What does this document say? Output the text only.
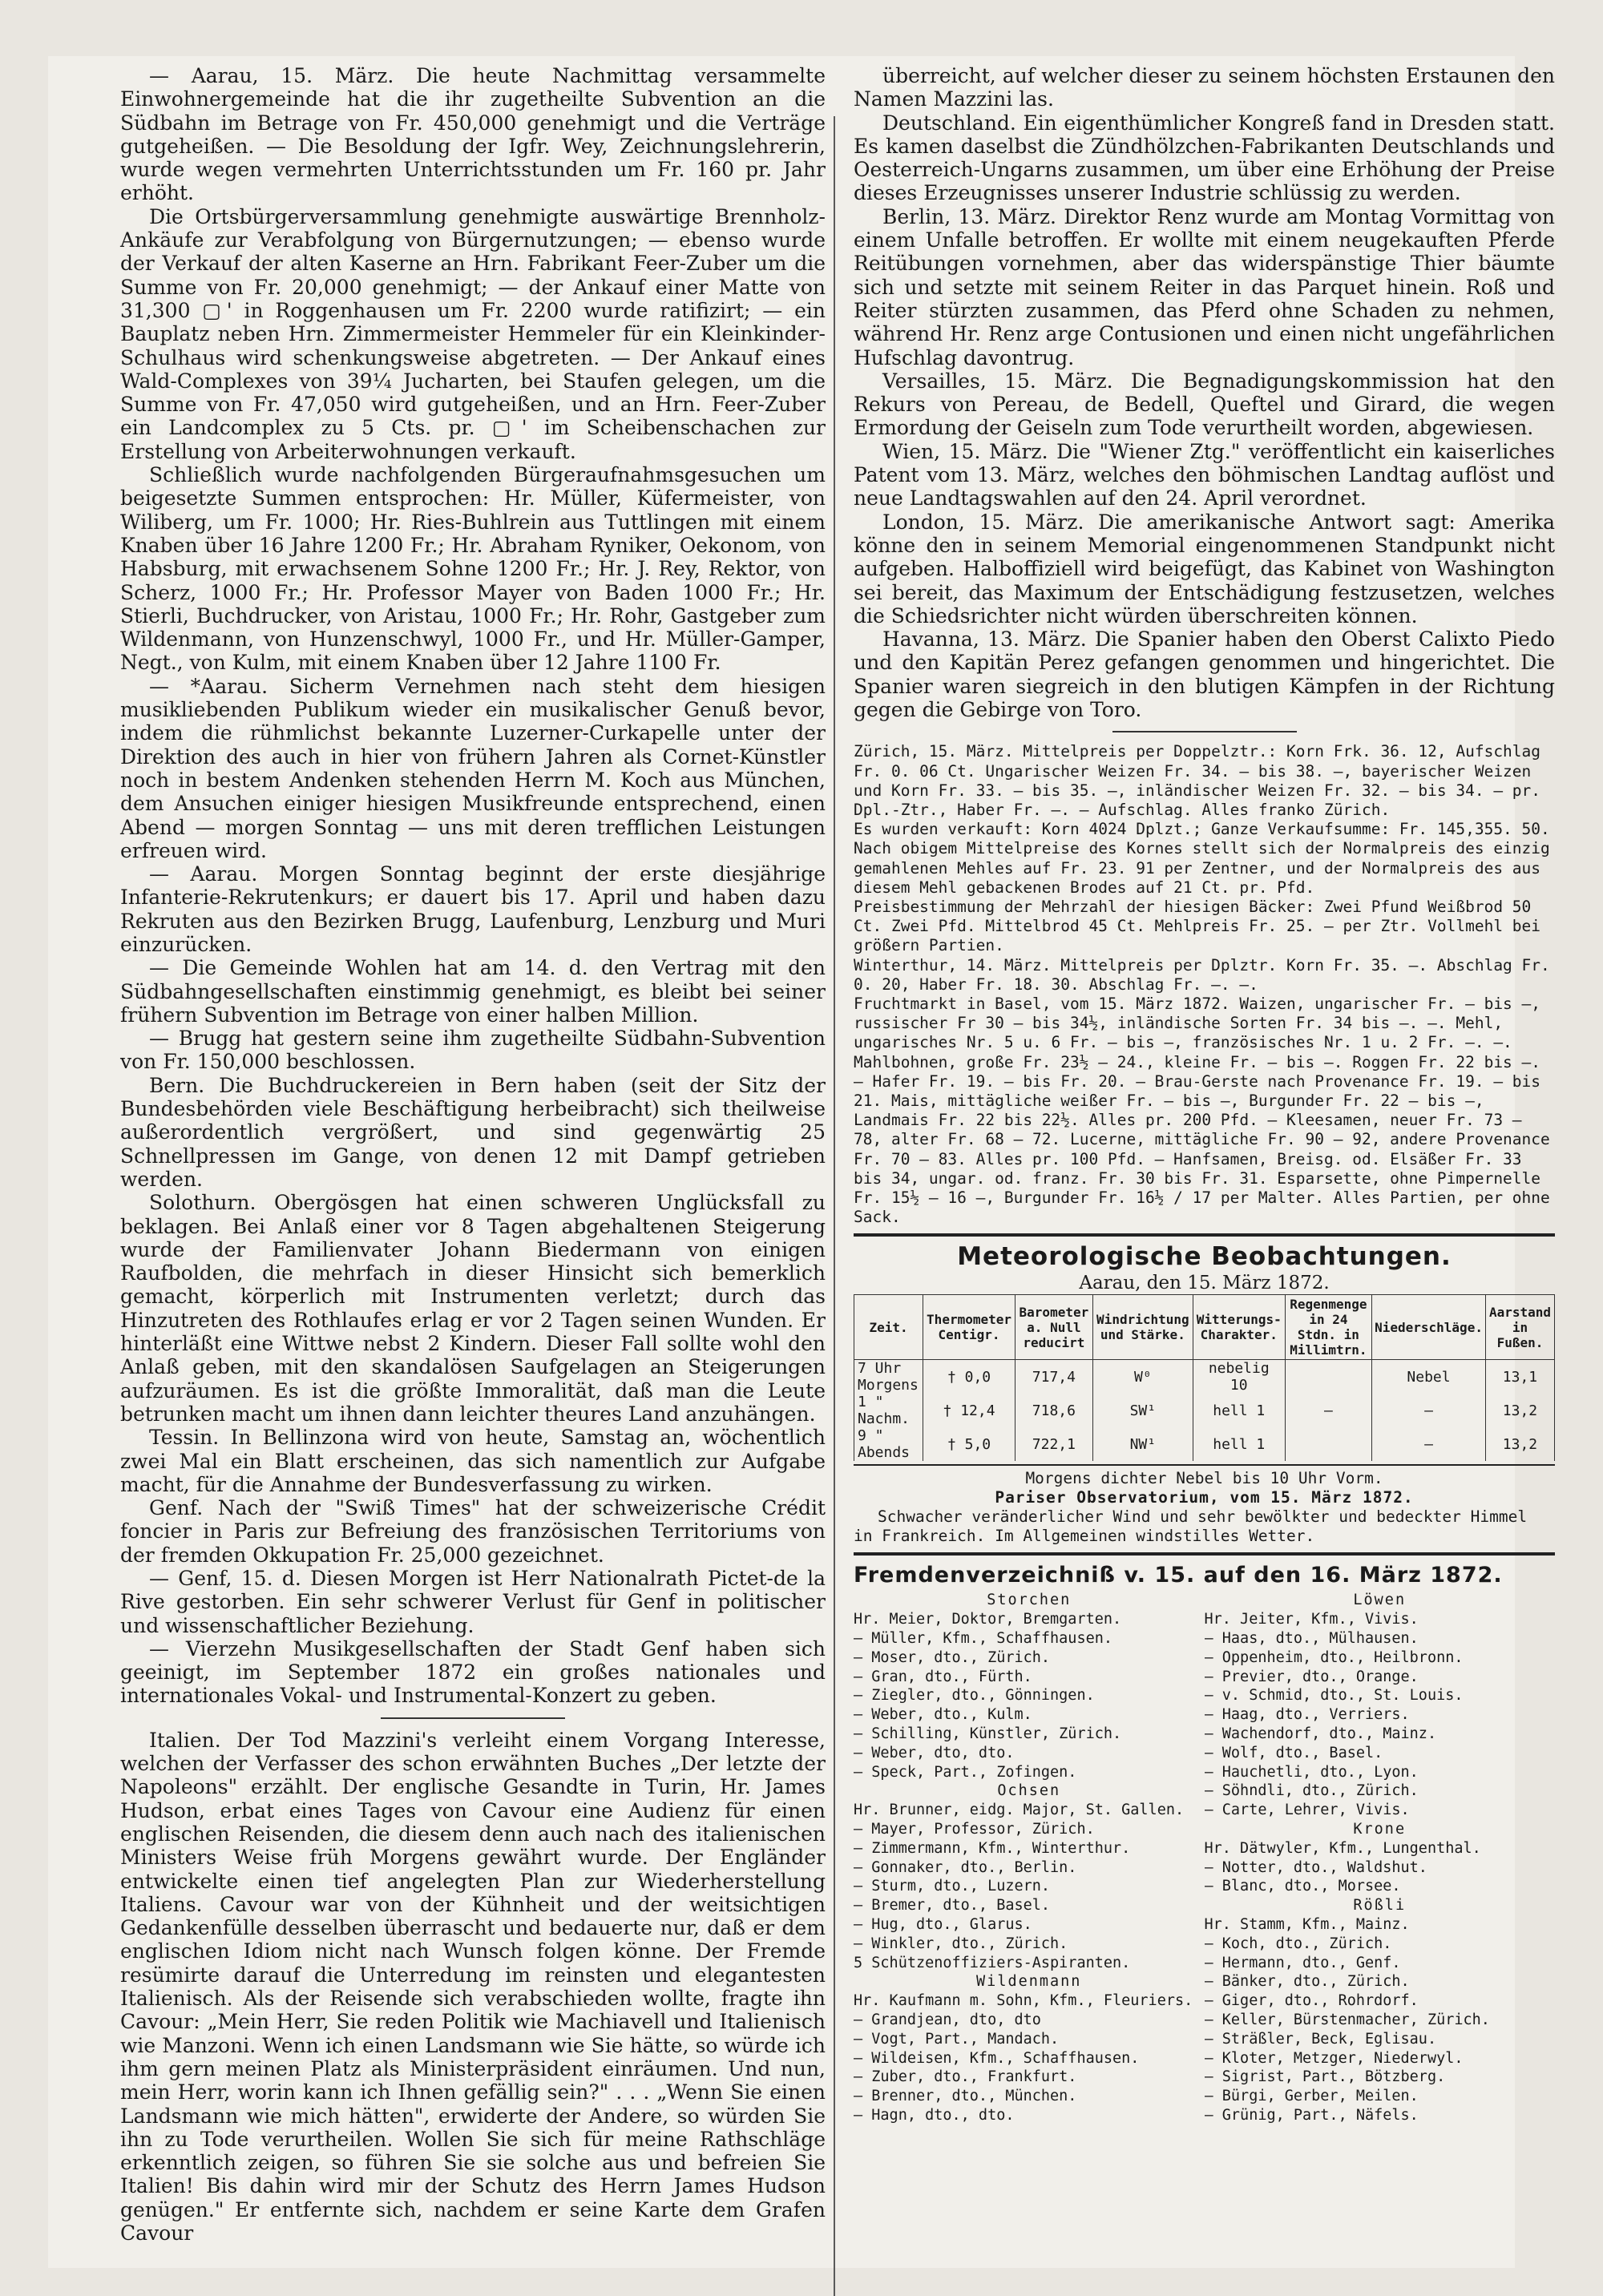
— Aarau, 15. März. Die heute Nachmittag versammelte Einwohnergemeinde hat die ihr zugetheilte Subvention an die Südbahn im Betrage von Fr. 450,000 genehmigt und die Verträge gutgeheißen. — Die Besoldung der Igfr. Wey, Zeichnungslehrerin, wurde wegen vermehrten Unterrichtsstunden um Fr. 160 pr. Jahr erhöht.

Die Ortsbürgerversammlung genehmigte auswärtige Brennholz-Ankäufe zur Verabfolgung von Bürgernutzungen; — ebenso wurde der Verkauf der alten Kaserne an Hrn. Fabrikant Feer-Zuber um die Summe von Fr. 20,000 genehmigt; — der Ankauf einer Matte von 31,300 ▢' in Roggenhausen um Fr. 2200 wurde ratifizirt; — ein Bauplatz neben Hrn. Zimmermeister Hemmeler für ein Kleinkinder-Schulhaus wird schenkungsweise abgetreten. — Der Ankauf eines Wald-Complexes von 39¼ Jucharten, bei Staufen gelegen, um die Summe von Fr. 47,050 wird gutgeheißen, und an Hrn. Feer-Zuber ein Landcomplex zu 5 Cts. pr. ▢' im Scheibenschachen zur Erstellung von Arbeiterwohnungen verkauft.

Schließlich wurde nachfolgenden Bürgeraufnahmsgesuchen um beigesetzte Summen entsprochen: Hr. Müller, Küfermeister, von Wiliberg, um Fr. 1000; Hr. Ries-Buhlrein aus Tuttlingen mit einem Knaben über 16 Jahre 1200 Fr.; Hr. Abraham Ryniker, Oekonom, von Habsburg, mit erwachsenem Sohne 1200 Fr.; Hr. J. Rey, Rektor, von Scherz, 1000 Fr.; Hr. Professor Mayer von Baden 1000 Fr.; Hr. Stierli, Buchdrucker, von Aristau, 1000 Fr.; Hr. Rohr, Gastgeber zum Wildenmann, von Hunzenschwyl, 1000 Fr., und Hr. Müller-Gamper, Negt., von Kulm, mit einem Knaben über 12 Jahre 1100 Fr.

— *Aarau. Sicherm Vernehmen nach steht dem hiesigen musikliebenden Publikum wieder ein musikalischer Genuß bevor, indem die rühmlichst bekannte Luzerner-Curkapelle unter der Direktion des auch in hier von frühern Jahren als Cornet-Künstler noch in bestem Andenken stehenden Herrn M. Koch aus München, dem Ansuchen einiger hiesigen Musikfreunde entsprechend, einen Abend — morgen Sonntag — uns mit deren trefflichen Leistungen erfreuen wird.

— Aarau. Morgen Sonntag beginnt der erste diesjährige Infanterie-Rekrutenkurs; er dauert bis 17. April und haben dazu Rekruten aus den Bezirken Brugg, Laufenburg, Lenzburg und Muri einzurücken.

— Die Gemeinde Wohlen hat am 14. d. den Vertrag mit den Südbahngesellschaften einstimmig genehmigt, es bleibt bei seiner frühern Subvention im Betrage von einer halben Million.

— Brugg hat gestern seine ihm zugetheilte Südbahn-Subvention von Fr. 150,000 beschlossen.

Bern. Die Buchdruckereien in Bern haben (seit der Sitz der Bundesbehörden viele Beschäftigung herbeibracht) sich theilweise außerordentlich vergrößert, und sind gegenwärtig 25 Schnellpressen im Gange, von denen 12 mit Dampf getrieben werden.

Solothurn. Obergösgen hat einen schweren Unglücksfall zu beklagen. Bei Anlaß einer vor 8 Tagen abgehaltenen Steigerung wurde der Familienvater Johann Biedermann von einigen Raufbolden, die mehrfach in dieser Hinsicht sich bemerklich gemacht, körperlich mit Instrumenten verletzt; durch das Hinzutreten des Rothlaufes erlag er vor 2 Tagen seinen Wunden. Er hinterläßt eine Wittwe nebst 2 Kindern. Dieser Fall sollte wohl den Anlaß geben, mit den skandalösen Saufgelagen an Steigerungen aufzuräumen. Es ist die größte Immoralität, daß man die Leute betrunken macht um ihnen dann leichter theures Land anzuhängen.

Tessin. In Bellinzona wird von heute, Samstag an, wöchentlich zwei Mal ein Blatt erscheinen, das sich namentlich zur Aufgabe macht, für die Annahme der Bundesverfassung zu wirken.

Genf. Nach der "Swiß Times" hat der schweizerische Crédit foncier in Paris zur Befreiung des französischen Territoriums von der fremden Okkupation Fr. 25,000 gezeichnet.

— Genf, 15. d. Diesen Morgen ist Herr Nationalrath Pictet-de la Rive gestorben. Ein sehr schwerer Verlust für Genf in politischer und wissenschaftlicher Beziehung.

— Vierzehn Musikgesellschaften der Stadt Genf haben sich geeinigt, im September 1872 ein großes nationales und internationales Vokal- und Instrumental-Konzert zu geben.

Italien. Der Tod Mazzini's verleiht einem Vorgang Interesse, welchen der Verfasser des schon erwähnten Buches „Der letzte der Napoleons" erzählt. Der englische Gesandte in Turin, Hr. James Hudson, erbat eines Tages von Cavour eine Audienz für einen englischen Reisenden, die diesem denn auch nach des italienischen Ministers Weise früh Morgens gewährt wurde. Der Engländer entwickelte einen tief angelegten Plan zur Wiederherstellung Italiens. Cavour war von der Kühnheit und der weitsichtigen Gedankenfülle desselben überrascht und bedauerte nur, daß er dem englischen Idiom nicht nach Wunsch folgen könne. Der Fremde resümirte darauf die Unterredung im reinsten und elegantesten Italienisch. Als der Reisende sich verabschieden wollte, fragte ihn Cavour: „Mein Herr, Sie reden Politik wie Machiavell und Italienisch wie Manzoni. Wenn ich einen Landsmann wie Sie hätte, so würde ich ihm gern meinen Platz als Ministerpräsident einräumen. Und nun, mein Herr, worin kann ich Ihnen gefällig sein?" . . . „Wenn Sie einen Landsmann wie mich hätten", erwiderte der Andere, so würden Sie ihn zu Tode verurtheilen. Wollen Sie sich für meine Rathschläge erkenntlich zeigen, so führen Sie sie solche aus und befreien Sie Italien! Bis dahin wird mir der Schutz des Herrn James Hudson genügen." Er entfernte sich, nachdem er seine Karte dem Grafen Cavour

überreicht, auf welcher dieser zu seinem höchsten Erstaunen den Namen Mazzini las.

Deutschland. Ein eigenthümlicher Kongreß fand in Dresden statt. Es kamen daselbst die Zündhölzchen-Fabrikanten Deutschlands und Oesterreich-Ungarns zusammen, um über eine Erhöhung der Preise dieses Erzeugnisses unserer Industrie schlüssig zu werden.

Berlin, 13. März. Direktor Renz wurde am Montag Vormittag von einem Unfalle betroffen. Er wollte mit einem neugekauften Pferde Reitübungen vornehmen, aber das widerspänstige Thier bäumte sich und setzte mit seinem Reiter in das Parquet hinein. Roß und Reiter stürzten zusammen, das Pferd ohne Schaden zu nehmen, während Hr. Renz arge Contusionen und einen nicht ungefährlichen Hufschlag davontrug.

Versailles, 15. März. Die Begnadigungskommission hat den Rekurs von Pereau, de Bedell, Queftel und Girard, die wegen Ermordung der Geiseln zum Tode verurtheilt worden, abgewiesen.

Wien, 15. März. Die "Wiener Ztg." veröffentlicht ein kaiserliches Patent vom 13. März, welches den böhmischen Landtag auflöst und neue Landtagswahlen auf den 24. April verordnet.

London, 15. März. Die amerikanische Antwort sagt: Amerika könne den in seinem Memorial eingenommenen Standpunkt nicht aufgeben. Halboffiziell wird beigefügt, das Kabinet von Washington sei bereit, das Maximum der Entschädigung festzusetzen, welches die Schiedsrichter nicht würden überschreiten können.

Havanna, 13. März. Die Spanier haben den Oberst Calixto Piedo und den Kapitän Perez gefangen genommen und hingerichtet. Die Spanier waren siegreich in den blutigen Kämpfen in der Richtung gegen die Gebirge von Toro.

Zürich, 15. März. Mittelpreis per Doppelztr.: Korn Frk. 36. 12, Aufschlag Fr. 0. 06 Ct. Ungarischer Weizen Fr. 34. — bis 38. —, bayerischer Weizen und Korn Fr. 33. — bis 35. —, inländischer Weizen Fr. 32. — bis 34. — pr. Dpl.-Ztr., Haber Fr. —. — Aufschlag. Alles franko Zürich.

Es wurden verkauft: Korn 4024 Dplzt.; Ganze Verkaufsumme: Fr. 145,355. 50.

Nach obigem Mittelpreise des Kornes stellt sich der Normalpreis des einzig gemahlenen Mehles auf Fr. 23. 91 per Zentner, und der Normalpreis des aus diesem Mehl gebackenen Brodes auf 21 Ct. pr. Pfd.

Preisbestimmung der Mehrzahl der hiesigen Bäcker: Zwei Pfund Weißbrod 50 Ct. Zwei Pfd. Mittelbrod 45 Ct. Mehlpreis Fr. 25. — per Ztr. Vollmehl bei größern Partien.

Winterthur, 14. März. Mittelpreis per Dplztr. Korn Fr. 35. —. Abschlag Fr. 0. 20, Haber Fr. 18. 30. Abschlag Fr. —. —.

Fruchtmarkt in Basel, vom 15. März 1872. Waizen, ungarischer Fr. — bis —, russischer Fr 30 — bis 34½, inländische Sorten Fr. 34 bis —. —. Mehl, ungarisches Nr. 5 u. 6 Fr. — bis —, französisches Nr. 1 u. 2 Fr. —. —. Mahlbohnen, große Fr. 23½ — 24., kleine Fr. — bis —. Roggen Fr. 22 bis —. — Hafer Fr. 19. — bis Fr. 20. — Brau-Gerste nach Provenance Fr. 19. — bis 21. Mais, mittägliche weißer Fr. — bis —, Burgunder Fr. 22 — bis —, Landmais Fr. 22 bis 22½. Alles pr. 200 Pfd. — Kleesamen, neuer Fr. 73 — 78, alter Fr. 68 — 72. Lucerne, mittägliche Fr. 90 — 92, andere Provenance Fr. 70 — 83. Alles pr. 100 Pfd. — Hanfsamen, Breisg. od. Elsäßer Fr. 33 bis 34, ungar. od. franz. Fr. 30 bis Fr. 31. Esparsette, ohne Pimpernelle Fr. 15½ — 16 —, Burgunder Fr. 16½ / 17 per Malter. Alles Partien, per ohne Sack.

Meteorologische Beobachtungen.
Aarau, den 15. März 1872.
Zeit.	Thermometer Centigr.	Barometer a. Null reducirt	Windrichtung und Stärke.	Witterungs-Charakter.	Regenmenge in 24 Stdn. in Millimtrn.	Niederschläge.	Aarstand in Fußen.
7 Uhr Morgens	† 0,0	717,4	W⁰	nebelig 10		Nebel	13,1
1 " Nachm.	† 12,4	718,6	SW¹	hell 1	—	—	13,2
9 " Abends	† 5,0	722,1	NW¹	hell 1		—	13,2
Morgens dichter Nebel bis 10 Uhr Vorm.
Pariser Observatorium, vom 15. März 1872.
Schwacher veränderlicher Wind und sehr bewölkter und bedeckter Himmel in Frankreich. Im Allgemeinen windstilles Wetter.
Fremdenverzeichniß v. 15. auf den 16. März 1872.
Storchen
Hr. Meier, Doktor, Bremgarten.
— Müller, Kfm., Schaffhausen.
— Moser, dto., Zürich.
— Gran, dto., Fürth.
— Ziegler, dto., Gönningen.
— Weber, dto., Kulm.
— Schilling, Künstler, Zürich.
— Weber, dto, dto.
— Speck, Part., Zofingen.
Ochsen
Hr. Brunner, eidg. Major, St. Gallen.
— Mayer, Professor, Zürich.
— Zimmermann, Kfm., Winterthur.
— Gonnaker, dto., Berlin.
— Sturm, dto., Luzern.
— Bremer, dto., Basel.
— Hug, dto., Glarus.
— Winkler, dto., Zürich.
5 Schützenoffiziers-Aspiranten.
Wildenmann
Hr. Kaufmann m. Sohn, Kfm., Fleuriers.
— Grandjean, dto, dto
— Vogt, Part., Mandach.
— Wildeisen, Kfm., Schaffhausen.
— Zuber, dto., Frankfurt.
— Brenner, dto., München.
— Hagn, dto., dto.
Löwen
Hr. Jeiter, Kfm., Vivis.
— Haas, dto., Mülhausen.
— Oppenheim, dto., Heilbronn.
— Previer, dto., Orange.
— v. Schmid, dto., St. Louis.
— Haag, dto., Verriers.
— Wachendorf, dto., Mainz.
— Wolf, dto., Basel.
— Hauchetli, dto., Lyon.
— Söhndli, dto., Zürich.
— Carte, Lehrer, Vivis.
Krone
Hr. Dätwyler, Kfm., Lungenthal.
— Notter, dto., Waldshut.
— Blanc, dto., Morsee.
Rößli
Hr. Stamm, Kfm., Mainz.
— Koch, dto., Zürich.
— Hermann, dto., Genf.
— Bänker, dto., Zürich.
— Giger, dto., Rohrdorf.
— Keller, Bürstenmacher, Zürich.
— Sträßler, Beck, Eglisau.
— Kloter, Metzger, Niederwyl.
— Sigrist, Part., Bötzberg.
— Bürgi, Gerber, Meilen.
— Grünig, Part., Näfels.
